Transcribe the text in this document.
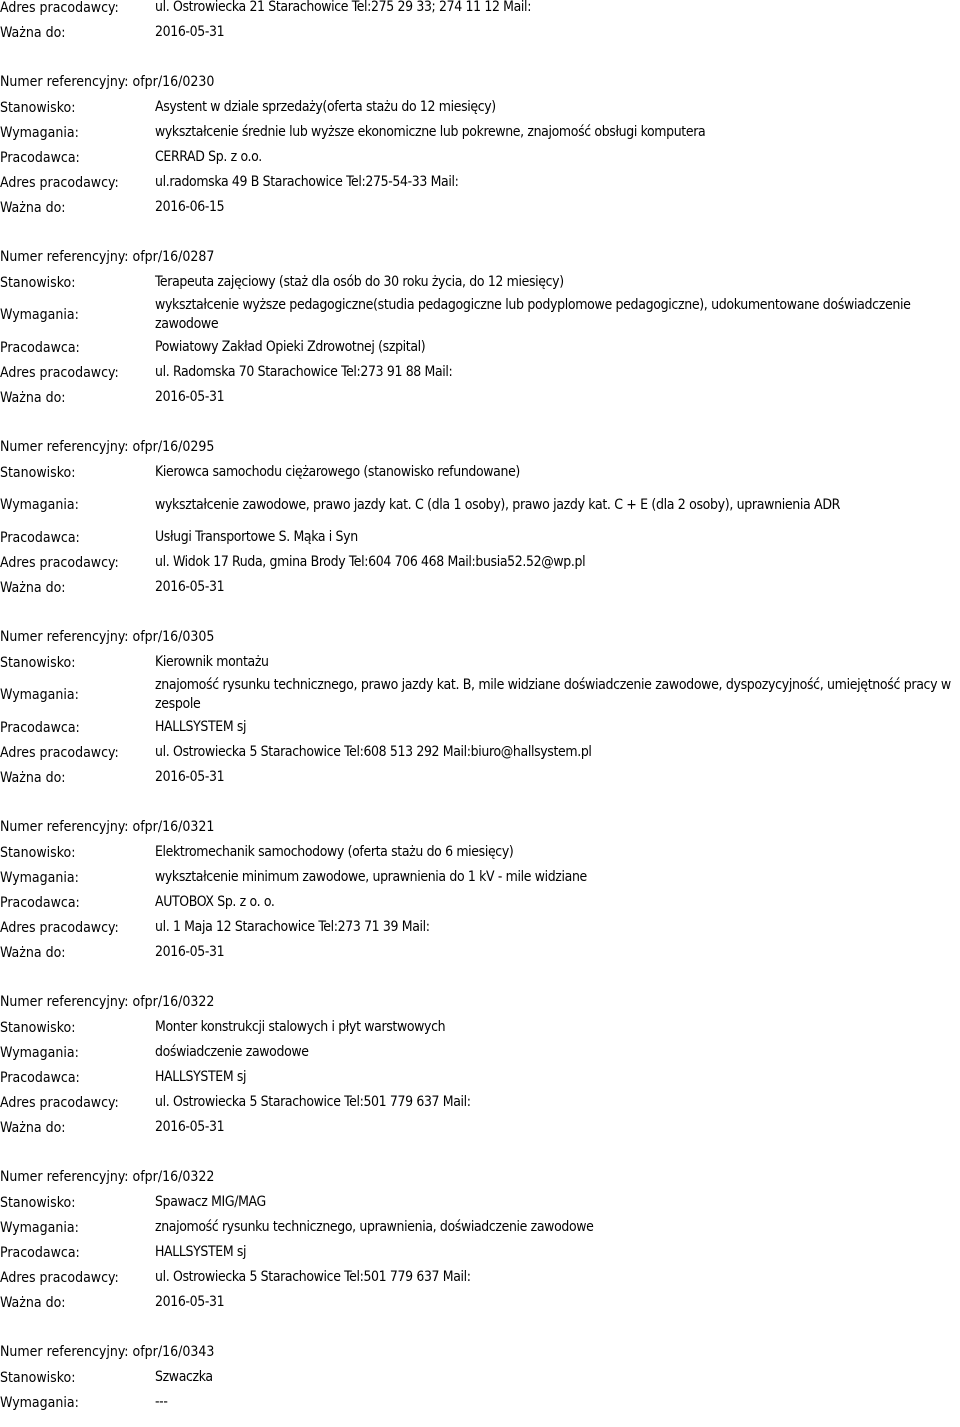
Adres pracodawcy:	ul. Ostrowiecka 21 Starachowice Tel:275 29 33; 274 11 12 Mail:
Ważna do:	2016-05-31
Numer referencyjny: ofpr/16/0230
Stanowisko:	Asystent w dziale sprzedaży(oferta stażu do 12 miesięcy)
Wymagania:	wykształcenie średnie lub wyższe ekonomiczne lub pokrewne, znajomość obsługi komputera
Pracodawca:	CERRAD Sp. z o.o.
Adres pracodawcy:	ul.radomska 49 B Starachowice Tel:275-54-33 Mail:
Ważna do:	2016-06-15
Numer referencyjny: ofpr/16/0287
Stanowisko:	Terapeuta zajęciowy (staż dla osób do 30 roku życia, do 12 miesięcy)
Wymagania:
wykształcenie wyższe pedagogiczne(studia pedagogiczne lub podyplomowe pedagogiczne), udokumentowane doświadczenie zawodowe
Pracodawca:	Powiatowy Zakład Opieki Zdrowotnej (szpital)
Adres pracodawcy:	ul. Radomska 70 Starachowice Tel:273 91 88 Mail:
Ważna do:	2016-05-31
Numer referencyjny: ofpr/16/0295
Stanowisko:	Kierowca samochodu ciężarowego (stanowisko refundowane)
Wymagania:	wykształcenie zawodowe, prawo jazdy kat. C (dla 1 osoby), prawo jazdy kat. C + E (dla 2 osoby), uprawnienia ADR
Pracodawca:	Usługi Transportowe S. Mąka i Syn
Adres pracodawcy:	ul. Widok 17 Ruda, gmina Brody Tel:604 706 468 Mail:busia52.52@wp.pl
Ważna do:	2016-05-31
Numer referencyjny: ofpr/16/0305
Stanowisko:	Kierownik montażu
Wymagania:
znajomość rysunku technicznego, prawo jazdy kat. B, mile widziane doświadczenie zawodowe, dyspozycyjność, umiejętność pracy w zespole
Pracodawca:	HALLSYSTEM sj
Adres pracodawcy:	ul. Ostrowiecka 5 Starachowice Tel:608 513 292 Mail:biuro@hallsystem.pl
Ważna do:	2016-05-31
Numer referencyjny: ofpr/16/0321
Stanowisko:	Elektromechanik samochodowy (oferta stażu do 6 miesięcy)
Wymagania:	wykształcenie minimum zawodowe, uprawnienia do 1 kV - mile widziane
Pracodawca:	AUTOBOX Sp. z o. o.
Adres pracodawcy:	ul. 1 Maja 12 Starachowice Tel:273 71 39 Mail:
Ważna do:	2016-05-31
Numer referencyjny: ofpr/16/0322
Stanowisko:	Monter konstrukcji stalowych i płyt warstwowych
Wymagania:	doświadczenie zawodowe
Pracodawca:	HALLSYSTEM sj
Adres pracodawcy:	ul. Ostrowiecka 5 Starachowice Tel:501 779 637 Mail:
Ważna do:	2016-05-31
Numer referencyjny: ofpr/16/0322
Stanowisko:	Spawacz MIG/MAG
Wymagania:	znajomość rysunku technicznego, uprawnienia, doświadczenie zawodowe
Pracodawca:	HALLSYSTEM sj
Adres pracodawcy:	ul. Ostrowiecka 5 Starachowice Tel:501 779 637 Mail:
Ważna do:	2016-05-31
Numer referencyjny: ofpr/16/0343
Stanowisko:	Szwaczka
Wymagania:	---
